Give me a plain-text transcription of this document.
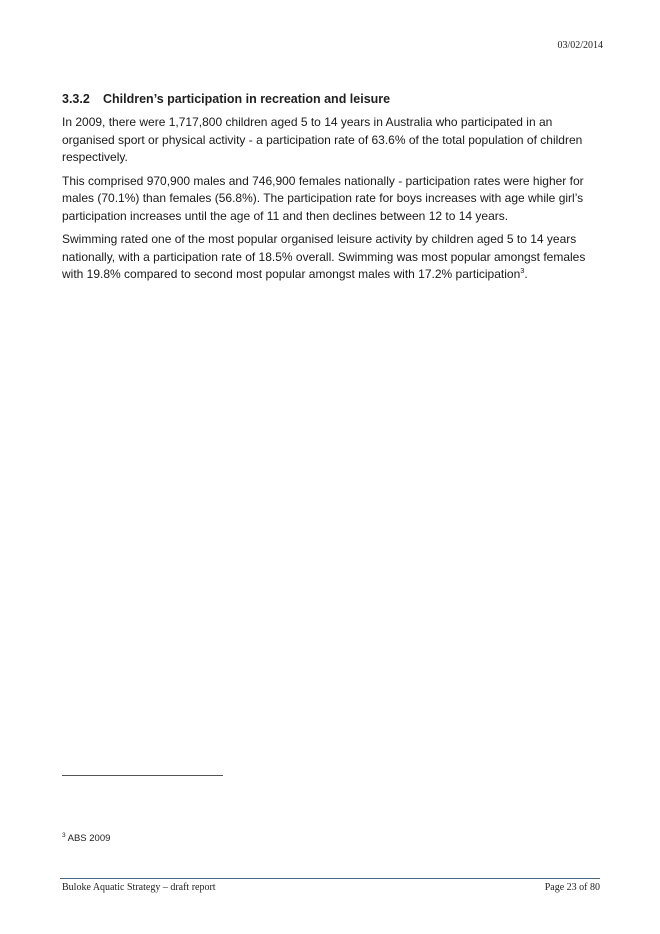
03/02/2014
3.3.2 Children’s participation in recreation and leisure

In 2009, there were 1,717,800 children aged 5 to 14 years in Australia who participated in an organised sport or physical activity - a participation rate of 63.6% of the total population of children respectively.

This comprised 970,900 males and 746,900 females nationally - participation rates were higher for males (70.1%) than females (56.8%). The participation rate for boys increases with age while girl’s participation increases until the age of 11 and then declines between 12 to 14 years.

Swimming rated one of the most popular organised leisure activity by children aged 5 to 14 years nationally, with a participation rate of 18.5% overall. Swimming was most popular amongst females with 19.8% compared to second most popular amongst males with 17.2% participation$^3$.

$^3$ ABS 2009
Buloke Aquatic Strategy – draft report	Page 23 of 80
